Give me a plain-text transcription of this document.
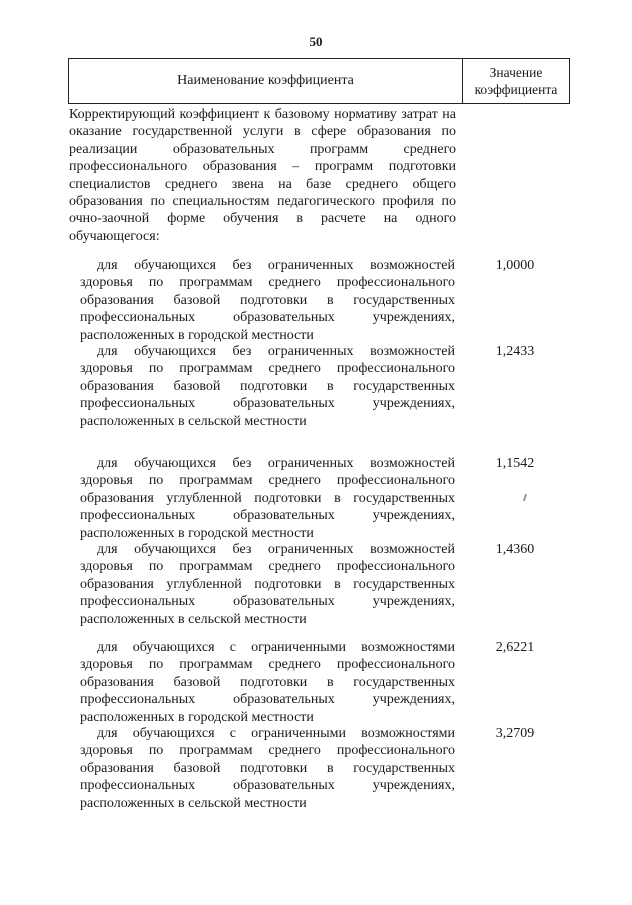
50
Наименование коэффициента
Значение
коэффициента
Корректирующий коэффициент к базовому нормативу затрат на оказание государственной услуги в сфере образования по реализации образовательных программ среднего профессионального образования – программ подготовки специалистов среднего звена на базе среднего общего образования по специальностям педагогического профиля по очно-заочной форме обучения в расчете на одного обучающегося:
для обучающихся без ограниченных возможностей здоровья по программам среднего профессионального образования базовой подготовки в государственных профессиональных образовательных учреждениях, расположенных в городской местности
1,0000
для обучающихся без ограниченных возможностей здоровья по программам среднего профессионального образования базовой подготовки в государственных профессиональных образовательных учреждениях, расположенных в сельской местности
1,2433
для обучающихся без ограниченных возможностей здоровья по программам среднего профессионального образования углубленной подготовки в государственных профессиональных образовательных учреждениях, расположенных в городской местности
1,1542
для обучающихся без ограниченных возможностей здоровья по программам среднего профессионального образования углубленной подготовки в государственных профессиональных образовательных учреждениях, расположенных в сельской местности
1,4360
для обучающихся с ограниченными возможностями здоровья по программам среднего профессионального образования базовой подготовки в государственных профессиональных образовательных учреждениях, расположенных в городской местности
2,6221
для обучающихся с ограниченными возможностями здоровья по программам среднего профессионального образования базовой подготовки в государственных профессиональных образовательных учреждениях, расположенных в сельской местности
3,2709
